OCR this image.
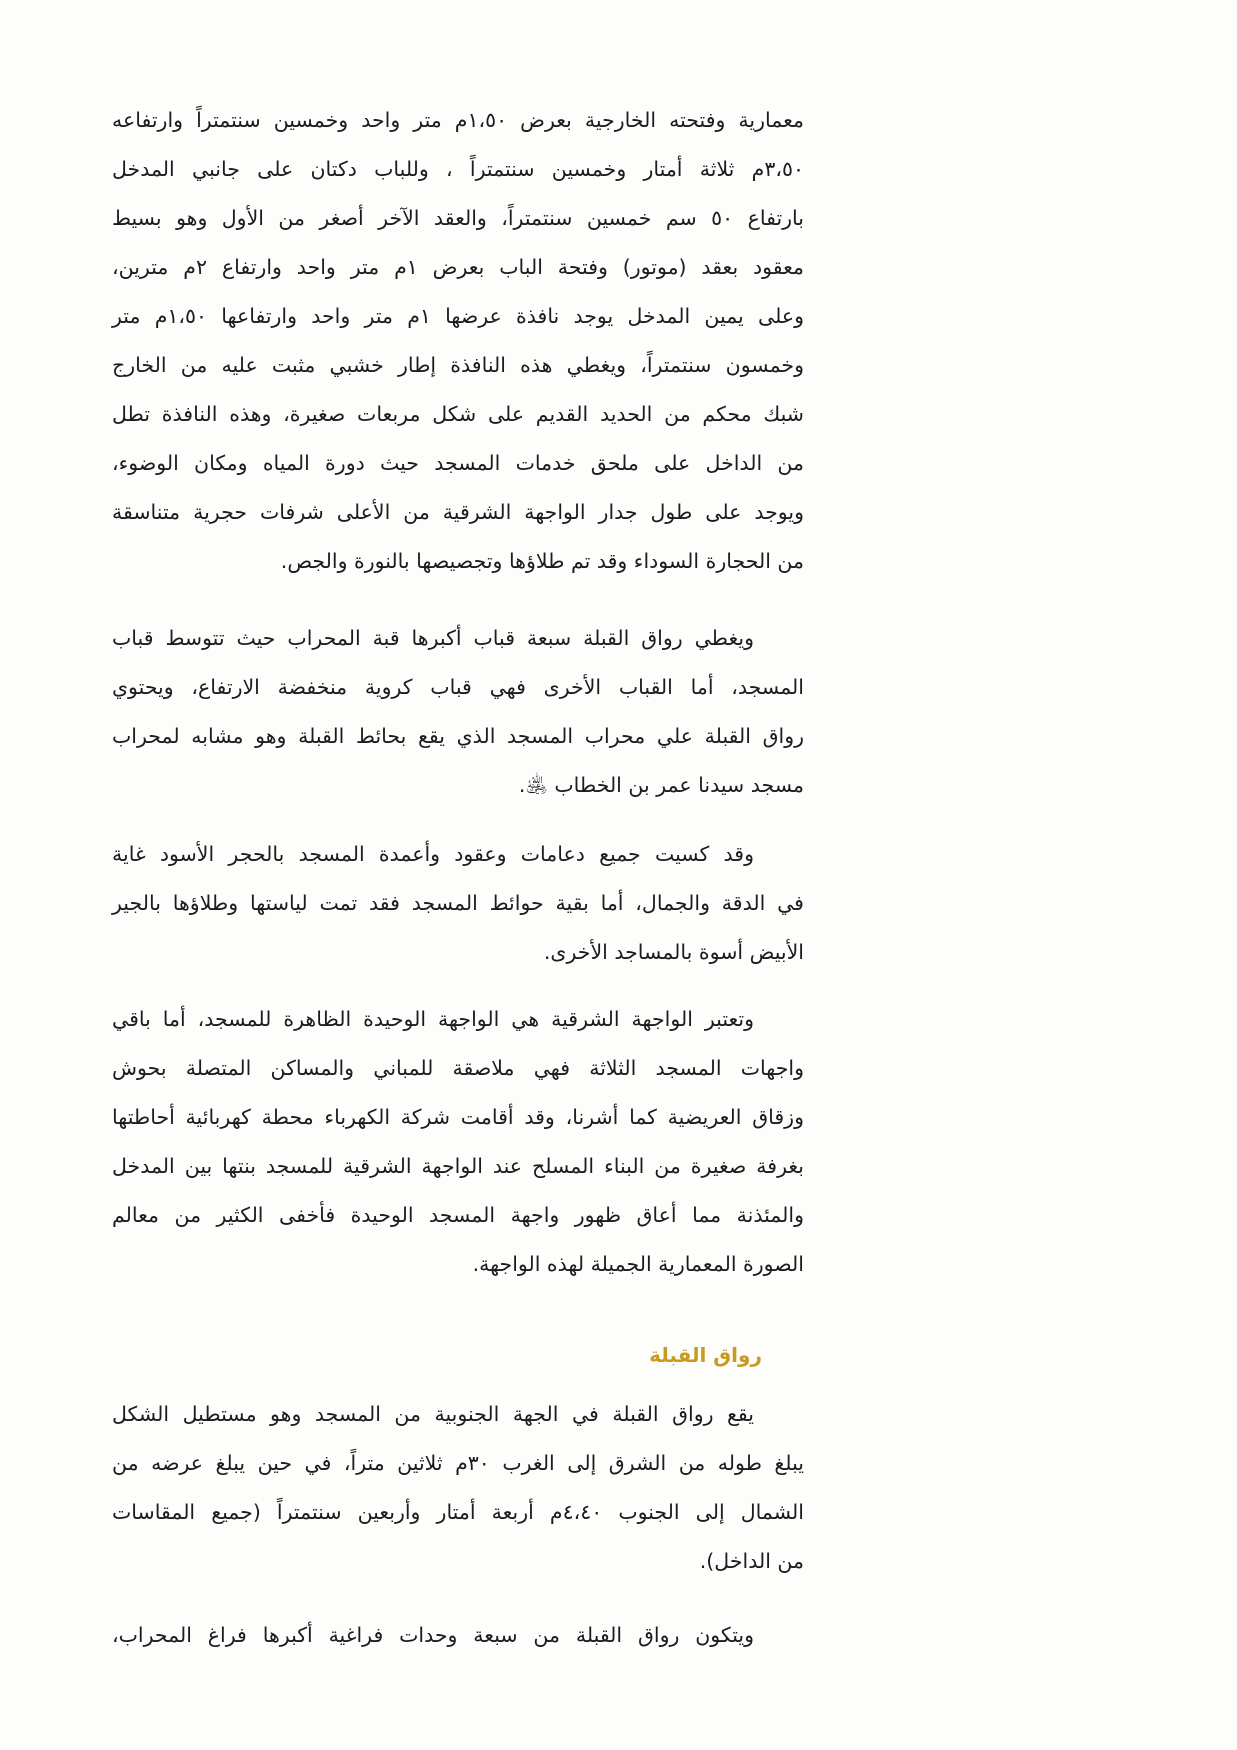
معمارية وفتحته الخارجية بعرض ١،٥٠م متر واحد وخمسين سنتمتراً وارتفاعه
٣،٥٠م ثلاثة أمتار وخمسين سنتمتراً ، وللباب دكتان على جانبي المدخل
بارتفاع ٥٠ سم خمسين سنتمتراً، والعقد الآخر أصغر من الأول وهو بسيط
معقود بعقد (موتور) وفتحة الباب بعرض ١م متر واحد وارتفاع ٢م مترين،
وعلى يمين المدخل يوجد نافذة عرضها ١م متر واحد وارتفاعها ١،٥٠م متر
وخمسون سنتمتراً، ويغطي هذه النافذة إطار خشبي مثبت عليه من الخارج
شبك محكم من الحديد القديم على شكل مربعات صغيرة، وهذه النافذة تطل
من الداخل على ملحق خدمات المسجد حيث دورة المياه ومكان الوضوء،
ويوجد على طول جدار الواجهة الشرقية من الأعلى شرفات حجرية متناسقة
من الحجارة السوداء وقد تم طلاؤها وتجصيصها بالنورة والجص.
ويغطي رواق القبلة سبعة قباب أكبرها قبة المحراب حيث تتوسط قباب
المسجد، أما القباب الأخرى فهي قباب كروية منخفضة الارتفاع، ويحتوي
رواق القبلة علي محراب المسجد الذي يقع بحائط القبلة وهو مشابه لمحراب
مسجد سيدنا عمر بن الخطاب ﵁.
وقد كسيت جميع دعامات وعقود وأعمدة المسجد بالحجر الأسود غاية
في الدقة والجمال، أما بقية حوائط المسجد فقد تمت لياستها وطلاؤها بالجير
الأبيض أسوة بالمساجد الأخرى.
وتعتبر الواجهة الشرقية هي الواجهة الوحيدة الظاهرة للمسجد، أما باقي
واجهات المسجد الثلاثة فهي ملاصقة للمباني والمساكن المتصلة بحوش
وزقاق العريضية كما أشرنا، وقد أقامت شركة الكهرباء محطة كهربائية أحاطتها
بغرفة صغيرة من البناء المسلح عند الواجهة الشرقية للمسجد بنتها بين المدخل
والمئذنة مما أعاق ظهور واجهة المسجد الوحيدة فأخفى الكثير من معالم
الصورة المعمارية الجميلة لهذه الواجهة.
رواق القبلة
يقع رواق القبلة في الجهة الجنوبية من المسجد وهو مستطيل الشكل
يبلغ طوله من الشرق إلى الغرب ٣٠م ثلاثين متراً، في حين يبلغ عرضه من
الشمال إلى الجنوب ٤،٤٠م أربعة أمتار وأربعين سنتمتراً (جميع المقاسات
من الداخل).
ويتكون رواق القبلة من سبعة وحدات فراغية أكبرها فراغ المحراب،
